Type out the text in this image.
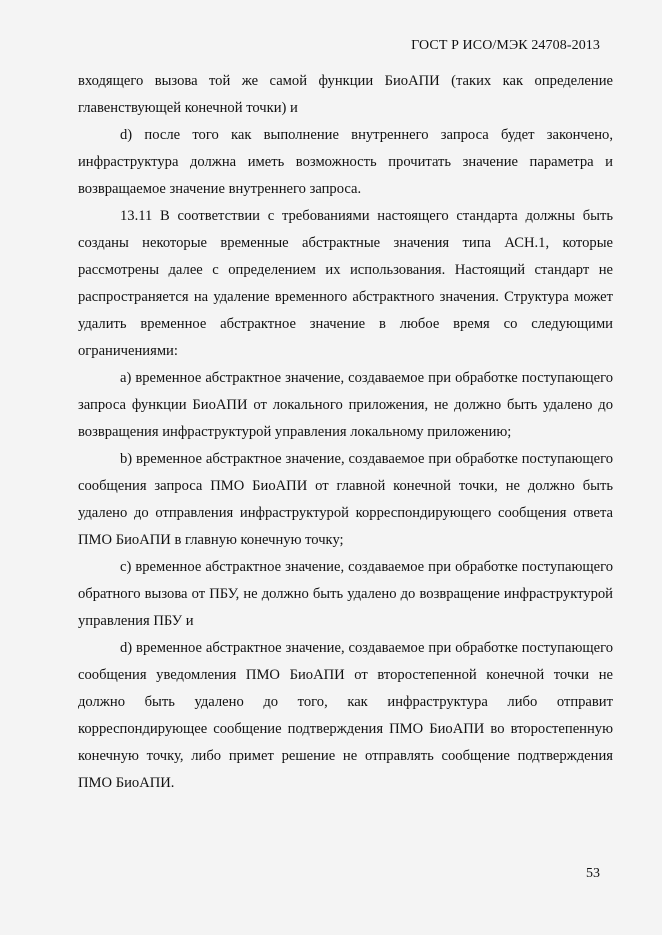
ГОСТ Р ИСО/МЭК 24708-2013

входящего вызова той же самой функции БиоАПИ (таких как определение главенствующей конечной точки) и

d) после того как выполнение внутреннего запроса будет закончено, инфраструктура должна иметь возможность прочитать значение параметра и возвращаемое значение внутреннего запроса.

13.11 В соответствии с требованиями настоящего стандарта должны быть созданы некоторые временные абстрактные значения типа АСН.1, которые рассмотрены далее с определением их использования. Настоящий стандарт не распространяется на удаление временного абстрактного значения. Структура может удалить временное абстрактное значение в любое время со следующими ограничениями:

а) временное абстрактное значение, создаваемое при обработке поступающего запроса функции БиоАПИ от локального приложения, не должно быть удалено до возвращения инфраструктурой управления локальному приложению;

b) временное абстрактное значение, создаваемое при обработке поступающего сообщения запроса ПМО БиоАПИ от главной конечной точки, не должно быть удалено до отправления инфраструктурой корреспондирующего сообщения ответа ПМО БиоАПИ в главную конечную точку;

c) временное абстрактное значение, создаваемое при обработке поступающего обратного вызова от ПБУ, не должно быть удалено до возвращение инфраструктурой управления ПБУ и

d) временное абстрактное значение, создаваемое при обработке поступающего сообщения уведомления ПМО БиоАПИ от второстепенной конечной точки не должно быть удалено до того, как инфраструктура либо отправит корреспондирующее сообщение подтверждения ПМО БиоАПИ во второстепенную конечную точку, либо примет решение не отправлять сообщение подтверждения ПМО БиоАПИ.

53
